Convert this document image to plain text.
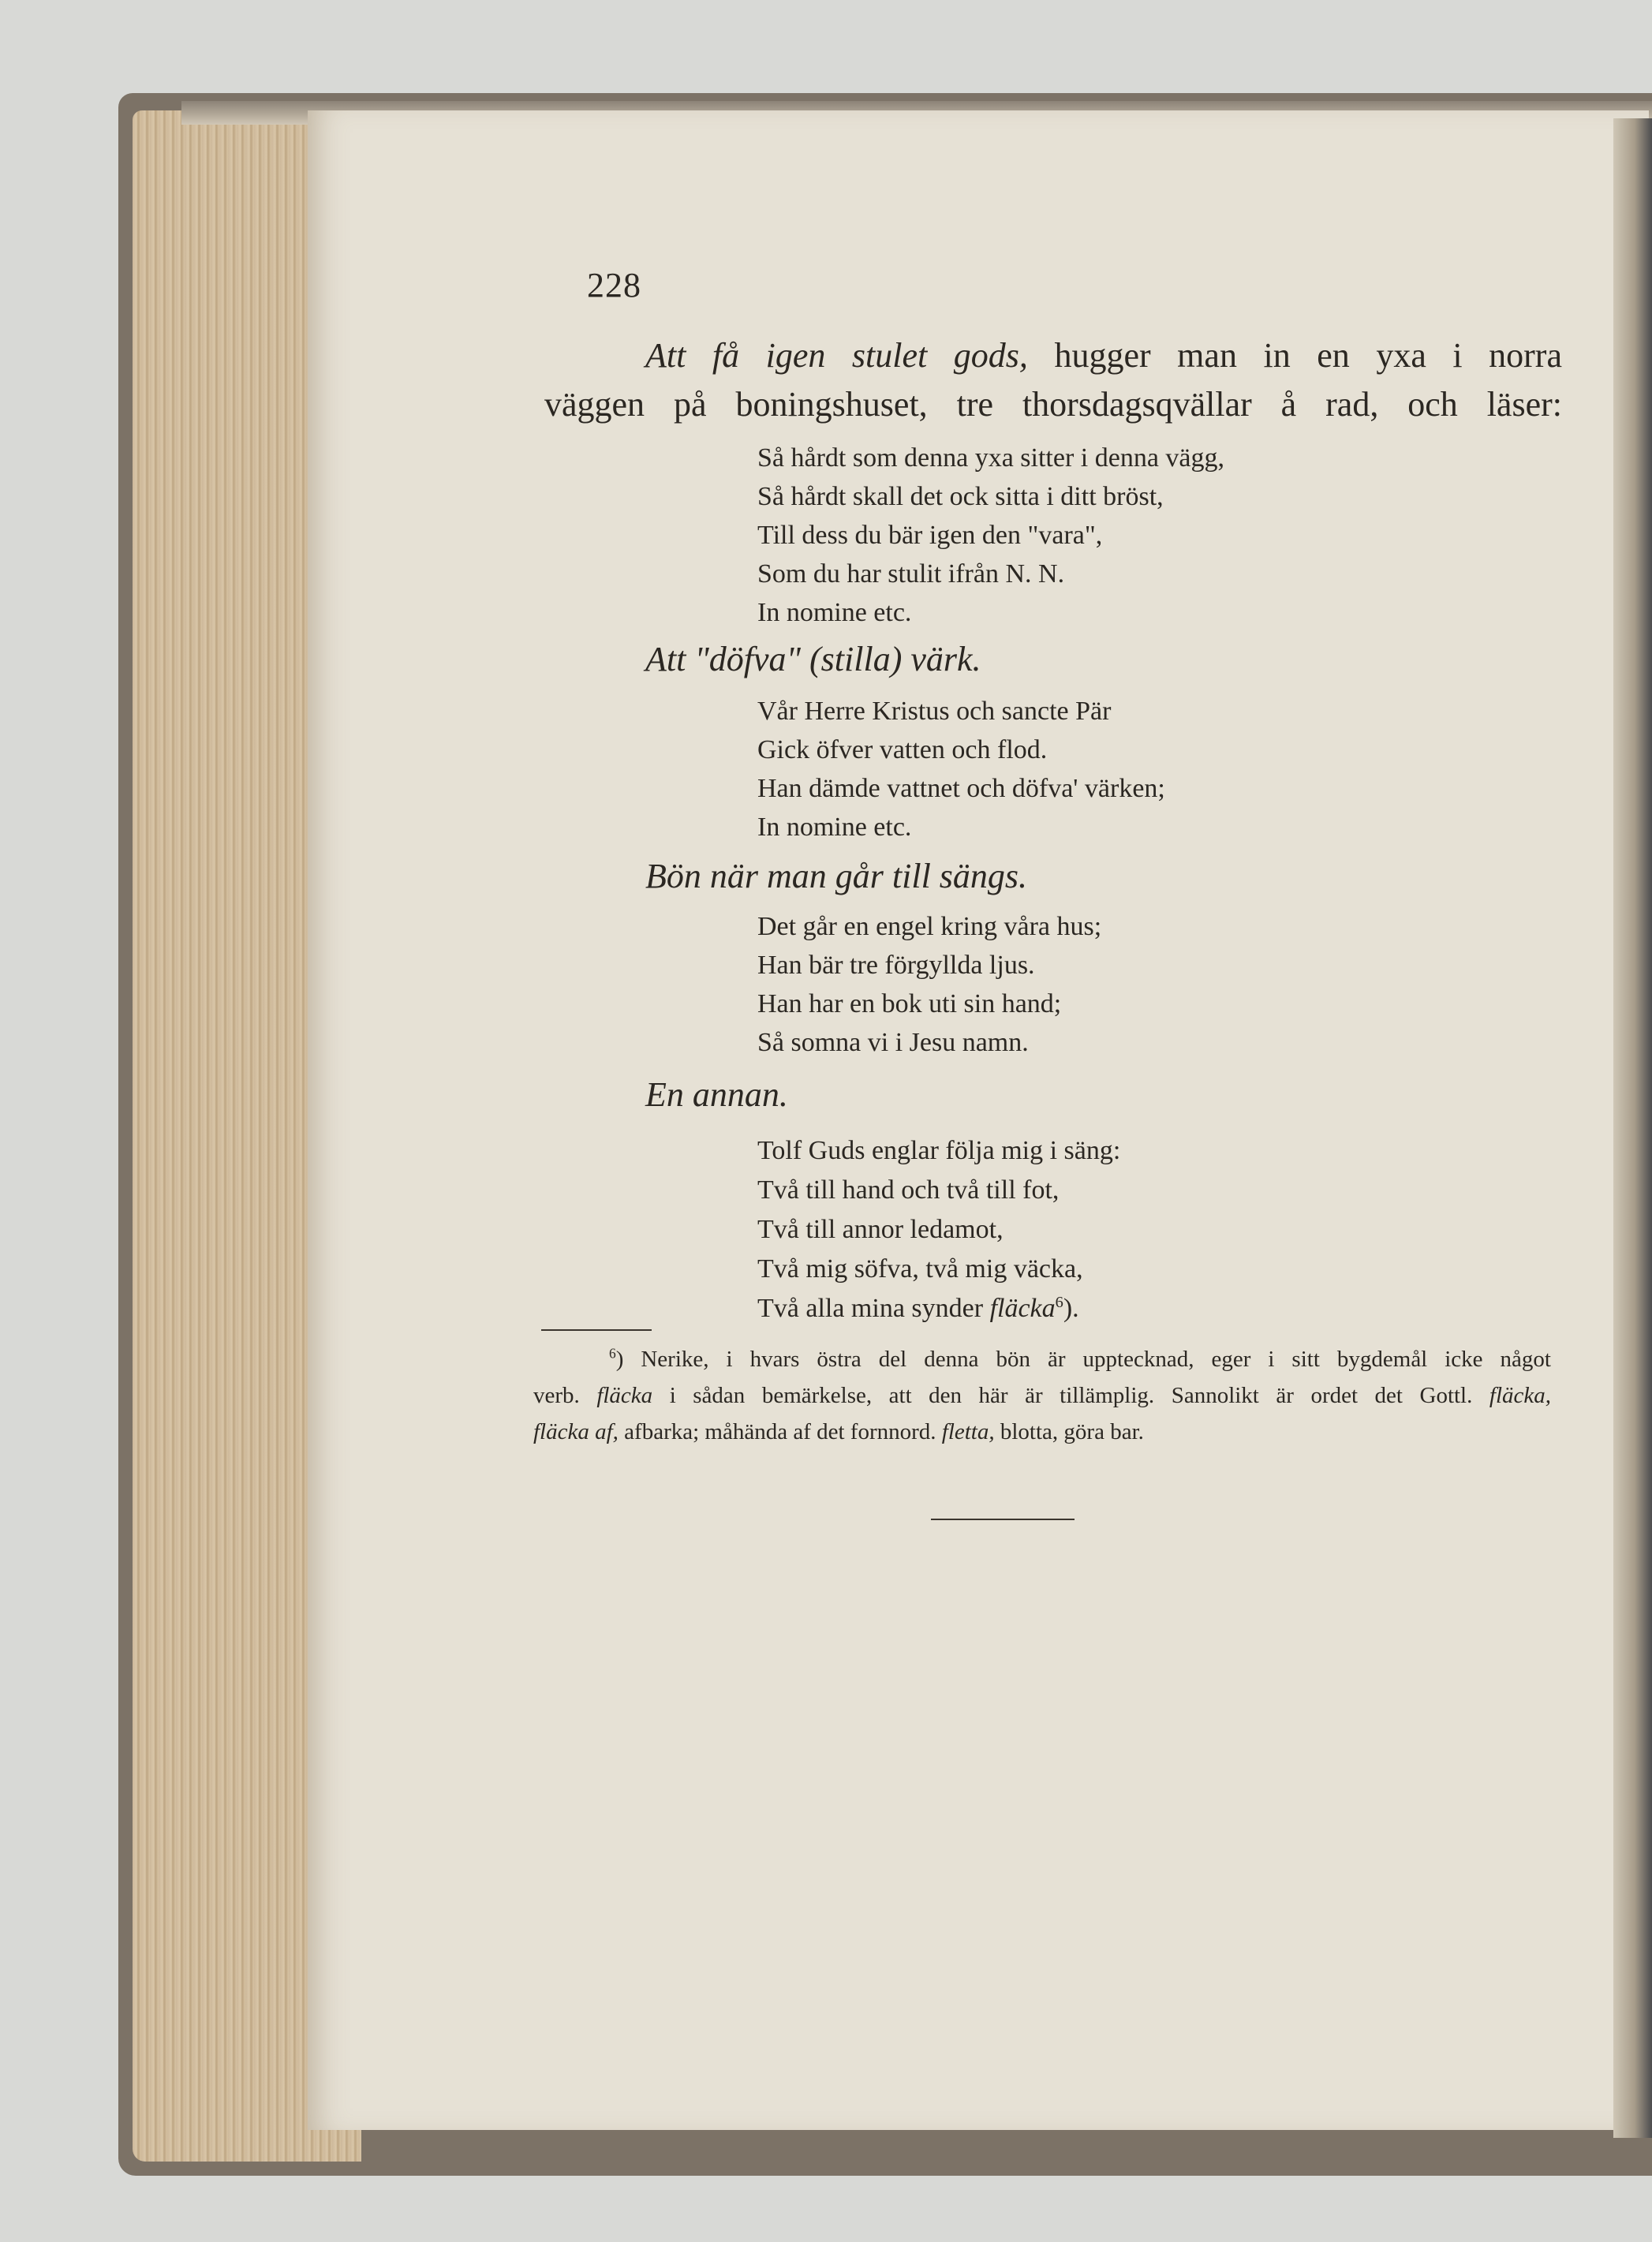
228
Att få igen stulet gods, hugger man in en yxa i norra
väggen på boningshuset, tre thorsdagsqvällar å rad, och läser:
Så hårdt som denna yxa sitter i denna vägg,
Så hårdt skall det ock sitta i ditt bröst,
Till dess du bär igen den "vara",
Som du har stulit ifrån N. N.
In nomine etc.
Att "döfva" (stilla) värk.
Vår Herre Kristus och sancte Pär
Gick öfver vatten och flod.
Han dämde vattnet och döfva' värken;
In nomine etc.
Bön när man går till sängs.
Det går en engel kring våra hus;
Han bär tre förgyllda ljus.
Han har en bok uti sin hand;
Så somna vi i Jesu namn.
En annan.
Tolf Guds englar följa mig i säng:
Två till hand och två till fot,
Två till annor ledamot,
Två mig söfva, två mig väcka,
Två alla mina synder fläcka$^6$).
$^6$) Nerike, i hvars östra del denna bön är upptecknad, eger i sitt bygdemål icke något
verb. fläcka i sådan bemärkelse, att den här är tillämplig. Sannolikt är ordet det Gottl. fläcka,
fläcka af, afbarka; måhända af det fornnord. fletta, blotta, göra bar.
